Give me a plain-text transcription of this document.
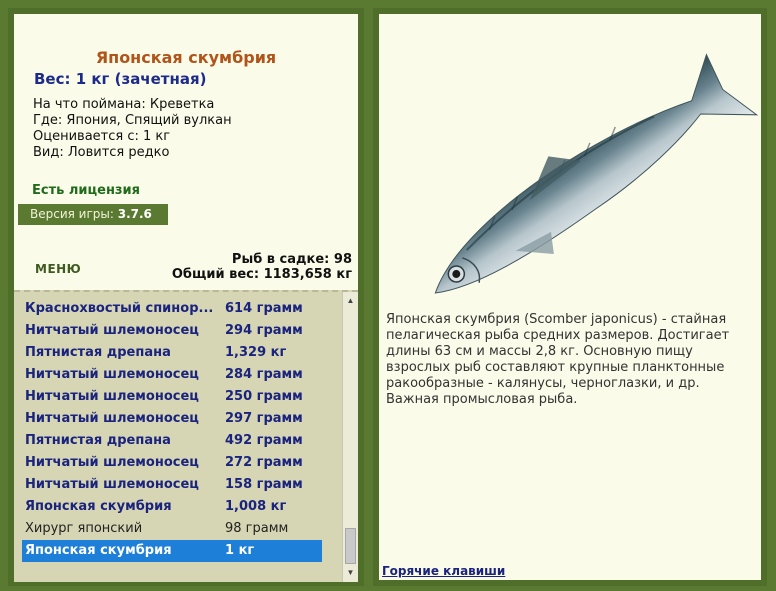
Японская скумбрия
Вес: 1 кг (зачетная)
На что поймана: Креветка
Где: Япония, Спящий вулкан
Оценивается с: 1 кг
Вид: Ловится редко
Есть лицензия
Версия игры: 3.7.6
МЕНЮ
Рыб в садке: 98
Общий вес: 1183,658 кг
Краснохвостый спинор... 614 грамм
Нитчатый шлемоносец	294 грамм
Пятнистая дрепана	1,329 кг
Нитчатый шлемоносец	284 грамм
Нитчатый шлемоносец	250 грамм
Нитчатый шлемоносец	297 грамм
Пятнистая дрепана	492 грамм
Нитчатый шлемоносец	272 грамм
Нитчатый шлемоносец	158 грамм
Японская скумбрия	1,008 кг
Хирург японский	98 грамм
Японская скумбрия	1 кг
▲
▼
Японская скумбрия (Scomber japonicus) - стайная пелагическая рыба средних размеров. Достигает длины 63 см и массы 2,8 кг. Основную пищу взрослых рыб составляют крупные планктонные ракообразные - калянусы, черноглазки, и др. Важная промысловая рыба.
Горячие клавиши
